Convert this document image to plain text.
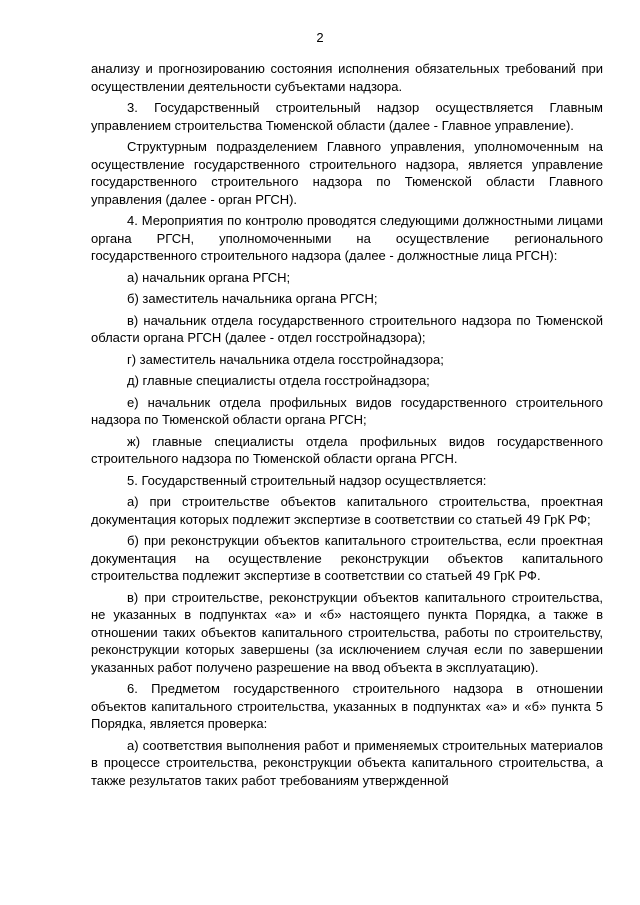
2

анализу и прогнозированию состояния исполнения обязательных требований при осуществлении деятельности субъектами надзора.

3. Государственный строительный надзор осуществляется Главным управлением строительства Тюменской области (далее - Главное управление).

Структурным подразделением Главного управления, уполномоченным на осуществление государственного строительного надзора, является управление государственного строительного надзора по Тюменской области Главного управления (далее - орган РГСН).

4. Мероприятия по контролю проводятся следующими должностными лицами органа РГСН, уполномоченными на осуществление регионального государственного строительного надзора (далее - должностные лица РГСН):

а) начальник органа РГСН;

б) заместитель начальника органа РГСН;

в) начальник отдела государственного строительного надзора по Тюменской области органа РГСН (далее - отдел госстройнадзора);

г) заместитель начальника отдела госстройнадзора;

д) главные специалисты отдела госстройнадзора;

е) начальник отдела профильных видов государственного строительного надзора по Тюменской области органа РГСН;

ж) главные специалисты отдела профильных видов государственного строительного надзора по Тюменской области органа РГСН.

5. Государственный строительный надзор осуществляется:

а) при строительстве объектов капитального строительства, проектная документация которых подлежит экспертизе в соответствии со статьей 49 ГрК РФ;

б) при реконструкции объектов капитального строительства, если проектная документация на осуществление реконструкции объектов капитального строительства подлежит экспертизе в соответствии со статьей 49 ГрК РФ.

в) при строительстве, реконструкции объектов капитального строительства, не указанных в подпунктах «а» и «б» настоящего пункта Порядка, а также в отношении таких объектов капитального строительства, работы по строительству, реконструкции которых завершены (за исключением случая если по завершении указанных работ получено разрешение на ввод объекта в эксплуатацию).

6. Предметом государственного строительного надзора в отношении объектов капитального строительства, указанных в подпунктах «а» и «б» пункта 5 Порядка, является проверка:

а) соответствия выполнения работ и применяемых строительных материалов в процессе строительства, реконструкции объекта капитального строительства, а также результатов таких работ требованиям утвержденной
